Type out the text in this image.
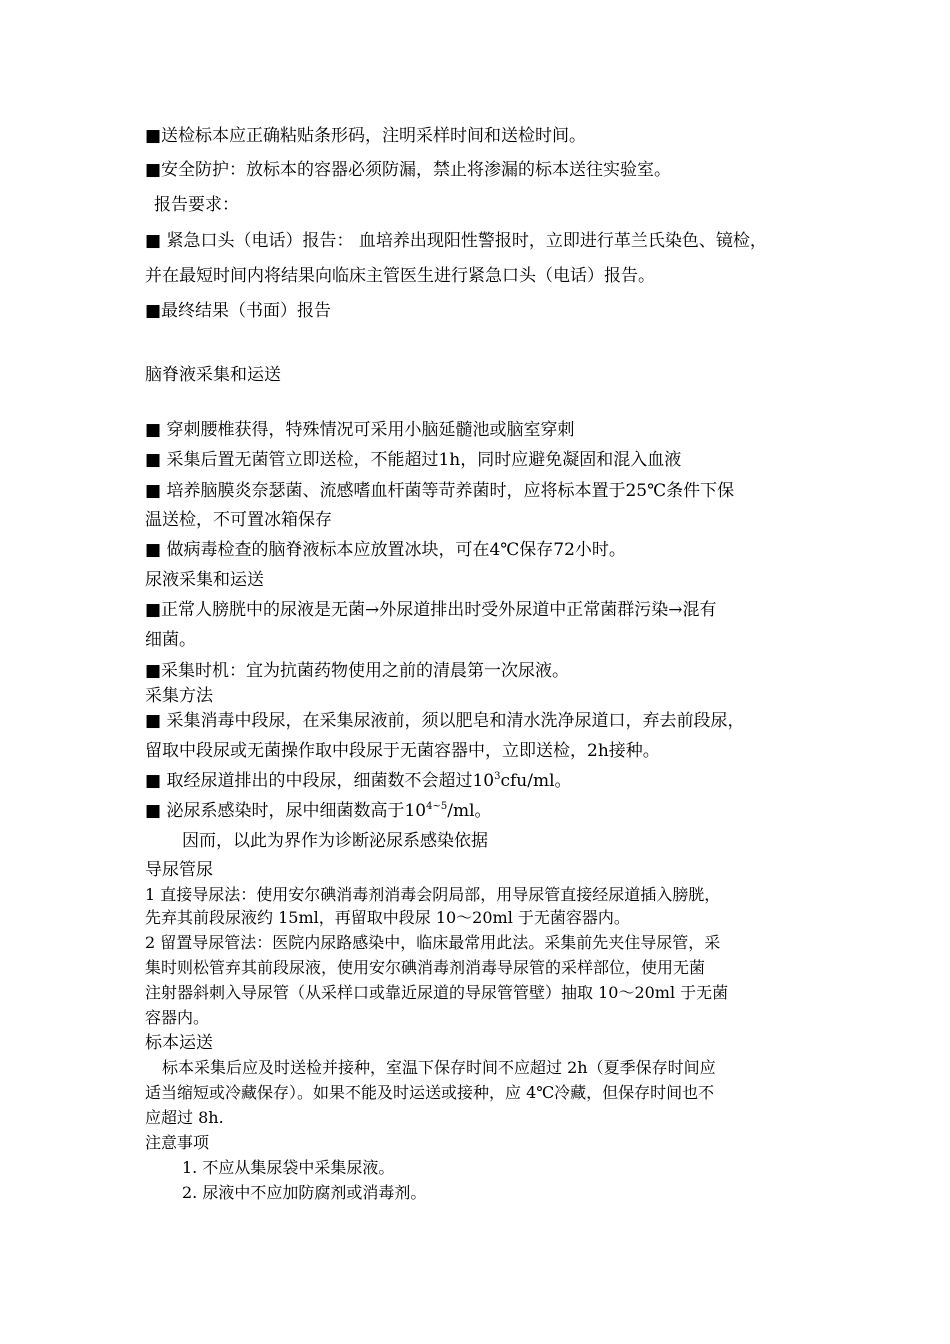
■送检标本应正确粘贴条形码，注明采样时间和送检时间。
■安全防护：放标本的容器必须防漏，禁止将渗漏的标本送往实验室。
报告要求：
■ 紧急口头（电话）报告： 血培养出现阳性警报时，立即进行革兰氏染色、镜检，
并在最短时间内将结果向临床主管医生进行紧急口头（电话）报告。
■最终结果（书面）报告
脑脊液采集和运送
■ 穿刺腰椎获得，特殊情况可采用小脑延髓池或脑室穿刺
■ 采集后置无菌管立即送检，不能超过1h，同时应避免凝固和混入血液
■ 培养脑膜炎奈瑟菌、流感嗜血杆菌等苛养菌时，应将标本置于25℃条件下保
温送检，不可置冰箱保存
■ 做病毒检查的脑脊液标本应放置冰块，可在4℃保存72小时。
尿液采集和运送
■正常人膀胱中的尿液是无菌→外尿道排出时受外尿道中正常菌群污染→混有
细菌。
■采集时机：宜为抗菌药物使用之前的清晨第一次尿液。
采集方法
■ 采集消毒中段尿，在采集尿液前，须以肥皂和清水洗净尿道口，弃去前段尿，
留取中段尿或无菌操作取中段尿于无菌容器中，立即送检，2h接种。
■ 取经尿道排出的中段尿，细菌数不会超过$10^3cfu/ml$。
■ 泌尿系感染时，尿中细菌数高于$10^{4\sim 5}/ml$。
因而，以此为界作为诊断泌尿系感染依据
导尿管尿
1 直接导尿法：使用安尔碘消毒剂消毒会阴局部，用导尿管直接经尿道插入膀胱，
先弃其前段尿液约 15ml，再留取中段尿 10～20ml 于无菌容器内。
2 留置导尿管法：医院内尿路感染中，临床最常用此法。采集前先夹住导尿管，采
集时则松管弃其前段尿液，使用安尔碘消毒剂消毒导尿管的采样部位，使用无菌
注射器斜刺入导尿管（从采样口或靠近尿道的导尿管管壁）抽取 10～20ml 于无菌
容器内。
标本运送
标本采集后应及时送检并接种，室温下保存时间不应超过 2h（夏季保存时间应
适当缩短或冷藏保存）。如果不能及时运送或接种，应 4℃冷藏，但保存时间也不
应超过 8h.
注意事项
1. 不应从集尿袋中采集尿液。
2. 尿液中不应加防腐剂或消毒剂。
